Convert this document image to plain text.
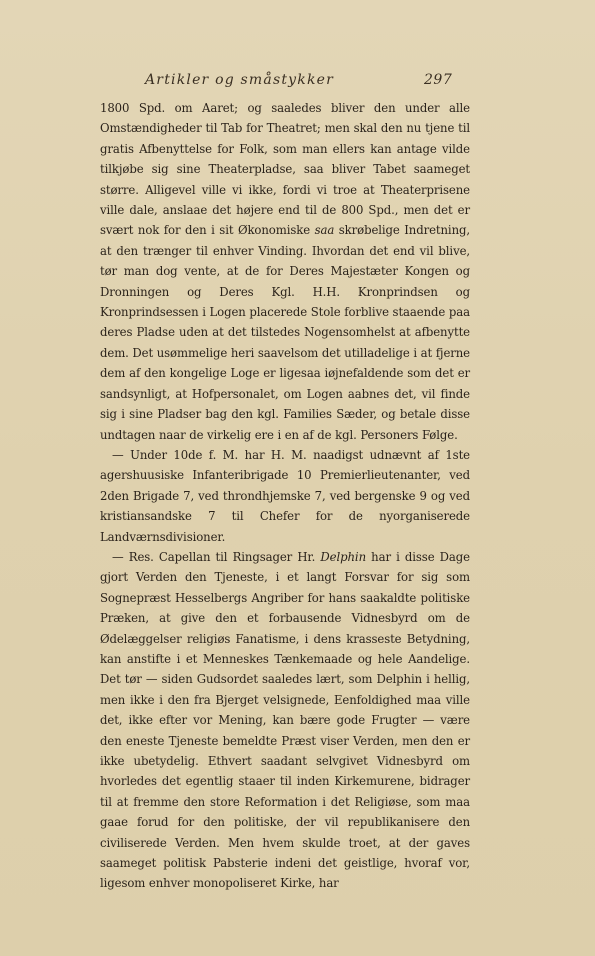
Artikler og småstykker	297

1800 Spd. om Aaret; og saaledes bliver den under alle Omstændigheder til Tab for Theatret; men skal den nu tjene til gratis Afbenyttelse for Folk, som man ellers kan antage vilde tilkjøbe sig sine Theaterpladse, saa bliver Tabet saameget større. Alligevel ville vi ikke, fordi vi troe at Theaterprisene ville dale, anslaae det højere end til de 800 Spd., men det er svært nok for den i sit Økonomiske saa skrøbelige Indretning, at den trænger til enhver Vinding. Ihvordan det end vil blive, tør man dog vente, at de for Deres Majestæter Kongen og Dronningen og Deres Kgl. H.H. Kronprindsen og Kronprindsessen i Logen placerede Stole forblive staaende paa deres Pladse uden at det tilstedes Nogensomhelst at afbenytte dem. Det usømmelige heri saavelsom det utilladelige i at fjerne dem af den kongelige Loge er ligesaa iøjnefaldende som det er sandsynligt, at Hofpersonalet, om Logen aabnes det, vil finde sig i sine Pladser bag den kgl. Families Sæder, og betale disse undtagen naar de virkelig ere i en af de kgl. Personers Følge.

— Under 10de f. M. har H. M. naadigst udnævnt af 1ste agershuusiske Infanteribrigade 10 Premierlieutenanter, ved 2den Brigade 7, ved throndhjemske 7, ved bergenske 9 og ved kristiansandske 7 til Chefer for de nyorganiserede Landværnsdivisioner.

— Res. Capellan til Ringsager Hr. Delphin har i disse Dage gjort Verden den Tjeneste, i et langt Forsvar for sig som Sognepræst Hesselbergs Angriber for hans saakaldte politiske Præken, at give den et forbausende Vidnesbyrd om de Ødelæggelser religiøs Fanatisme, i dens krasseste Betydning, kan anstifte i et Menneskes Tænkemaade og hele Aandelige. Det tør — siden Gudsordet saaledes lært, som Delphin i hellig, men ikke i den fra Bjerget velsignede, Eenfoldighed maa ville det, ikke efter vor Mening, kan bære gode Frugter — være den eneste Tjeneste bemeldte Præst viser Verden, men den er ikke ubetydelig. Ethvert saadant selvgivet Vidnesbyrd om hvorledes det egentlig staaer til inden Kirkemurene, bidrager til at fremme den store Reformation i det Religiøse, som maa gaae forud for den politiske, der vil republikanisere den civiliserede Verden. Men hvem skulde troet, at der gaves saameget politisk Pabsterie indeni det geistlige, hvoraf vor, ligesom enhver monopoliseret Kirke, har
